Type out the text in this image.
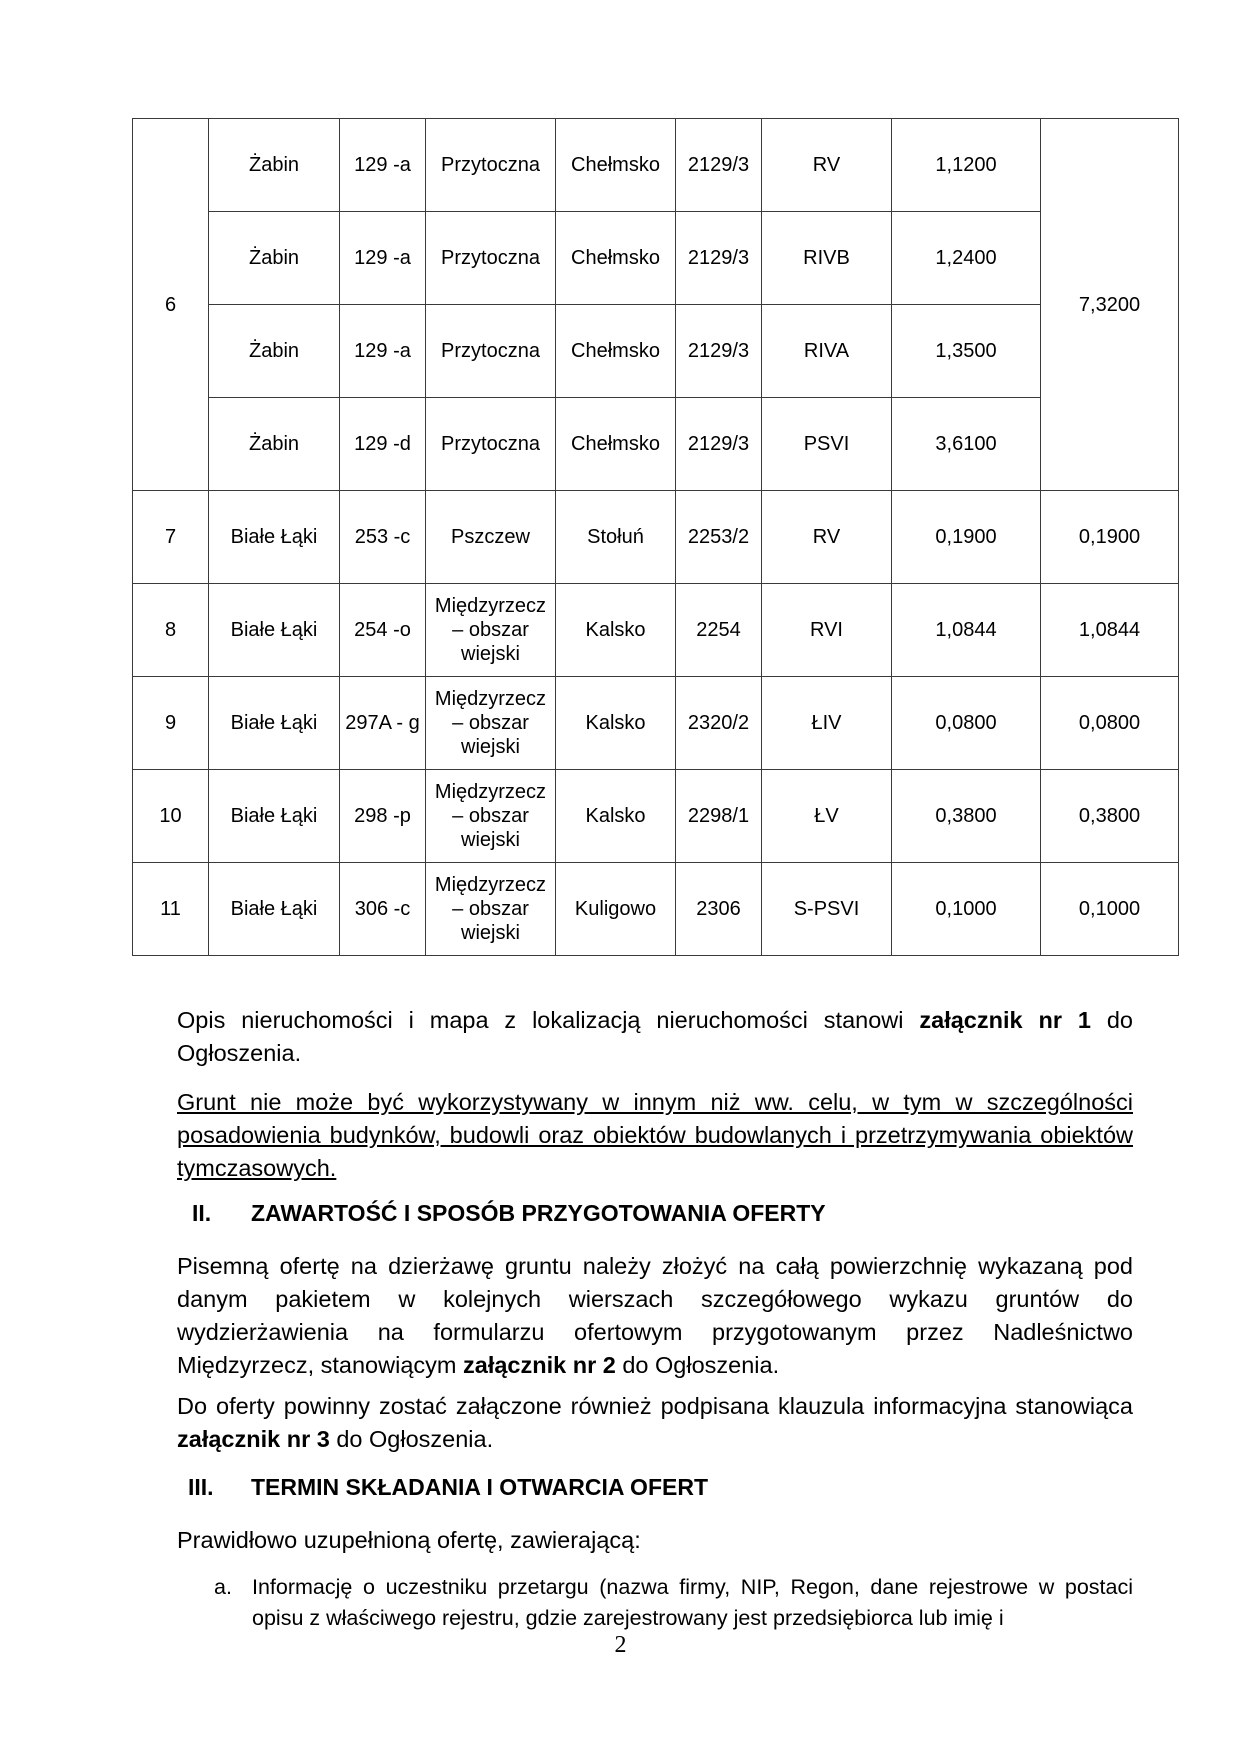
6	Żabin	129 -a	Przytoczna	Chełmsko	2129/3	RV	1,1200	7,3200
	Żabin	129 -a	Przytoczna	Chełmsko	2129/3	RIVB	1,2400	
	Żabin	129 -a	Przytoczna	Chełmsko	2129/3	RIVA	1,3500	
	Żabin	129 -d	Przytoczna	Chełmsko	2129/3	PSVI	3,6100	
7	Białe Łąki	253 -c	Pszczew	Stołuń	2253/2	RV	0,1900	0,1900
8	Białe Łąki	254 -o	Międzyrzecz – obszar wiejski	Kalsko	2254	RVI	1,0844	1,0844
9	Białe Łąki	297A - g	Międzyrzecz – obszar wiejski	Kalsko	2320/2	ŁIV	0,0800	0,0800
10	Białe Łąki	298 -p	Międzyrzecz – obszar wiejski	Kalsko	2298/1	ŁV	0,3800	0,3800
11	Białe Łąki	306 -c	Międzyrzecz – obszar wiejski	Kuligowo	2306	S-PSVI	0,1000	0,1000

Opis nieruchomości i mapa z lokalizacją nieruchomości stanowi załącznik nr 1 do Ogłoszenia.

Grunt nie może być wykorzystywany w innym niż ww. celu, w tym w szczególności posadowienia budynków, budowli oraz obiektów budowlanych i przetrzymywania obiektów tymczasowych.

II. ZAWARTOŚĆ I SPOSÓB PRZYGOTOWANIA OFERTY

Pisemną ofertę na dzierżawę gruntu należy złożyć na całą powierzchnię wykazaną pod danym pakietem w kolejnych wierszach szczegółowego wykazu gruntów do wydzierżawienia na formularzu ofertowym przygotowanym przez Nadleśnictwo Międzyrzecz, stanowiącym załącznik nr 2 do Ogłoszenia.

Do oferty powinny zostać załączone również podpisana klauzula informacyjna stanowiąca załącznik nr 3 do Ogłoszenia.

III. TERMIN SKŁADANIA I OTWARCIA OFERT

Prawidłowo uzupełnioną ofertę, zawierającą:

a. Informację o uczestniku przetargu (nazwa firmy, NIP, Regon, dane rejestrowe w postaci opisu z właściwego rejestru, gdzie zarejestrowany jest przedsiębiorca lub imię i
2
